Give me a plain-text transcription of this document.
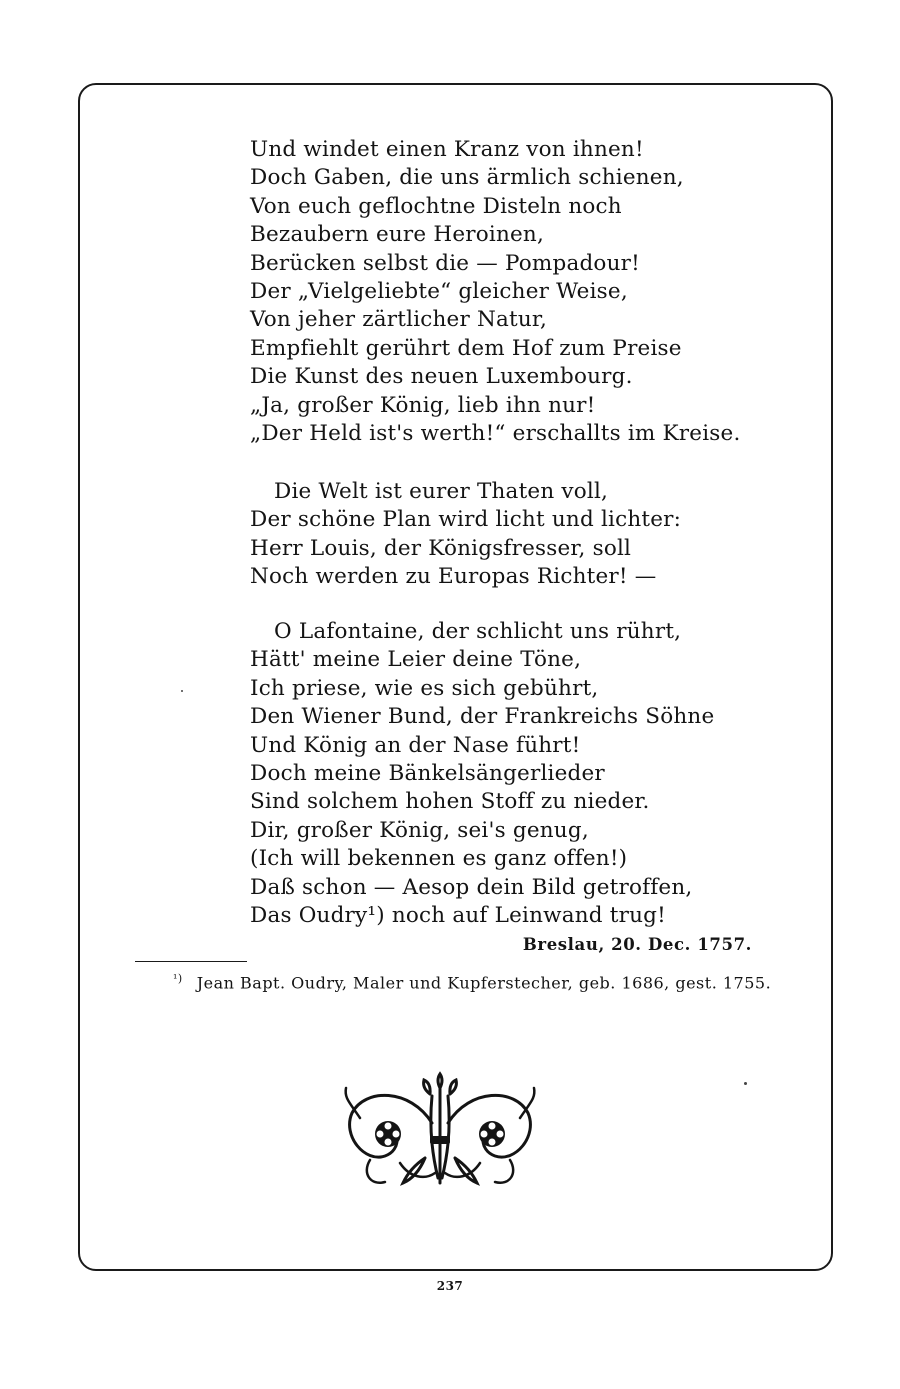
Und windet einen Kranz von ihnen!
Doch Gaben, die uns ärmlich schienen,
Von euch geflochtne Disteln noch
Bezaubern eure Heroinen,
Berücken selbst die — Pompadour!
Der „Vielgeliebte“ gleicher Weise,
Von jeher zärtlicher Natur,
Empfiehlt gerührt dem Hof zum Preise
Die Kunst des neuen Luxembourg.
„Ja, großer König, lieb ihn nur!
„Der Held ist's werth!“ erschallts im Kreise.
Die Welt ist eurer Thaten voll,
Der schöne Plan wird licht und lichter:
Herr Louis, der Königsfresser, soll
Noch werden zu Europas Richter! —
O Lafontaine, der schlicht uns rührt,
Hätt' meine Leier deine Töne,
Ich priese, wie es sich gebührt,
Den Wiener Bund, der Frankreichs Söhne
Und König an der Nase führt!
Doch meine Bänkelsängerlieder
Sind solchem hohen Stoff zu nieder.
Dir, großer König, sei's genug,
(Ich will bekennen es ganz offen!)
Daß schon — Aesop dein Bild getroffen,
Das Oudry¹) noch auf Leinwand trug!
Breslau, 20. Dec. 1757.
$^{^1)}$ Jean Bapt. Oudry, Maler und Kupferstecher, geb. 1686, gest. 1755.
237
